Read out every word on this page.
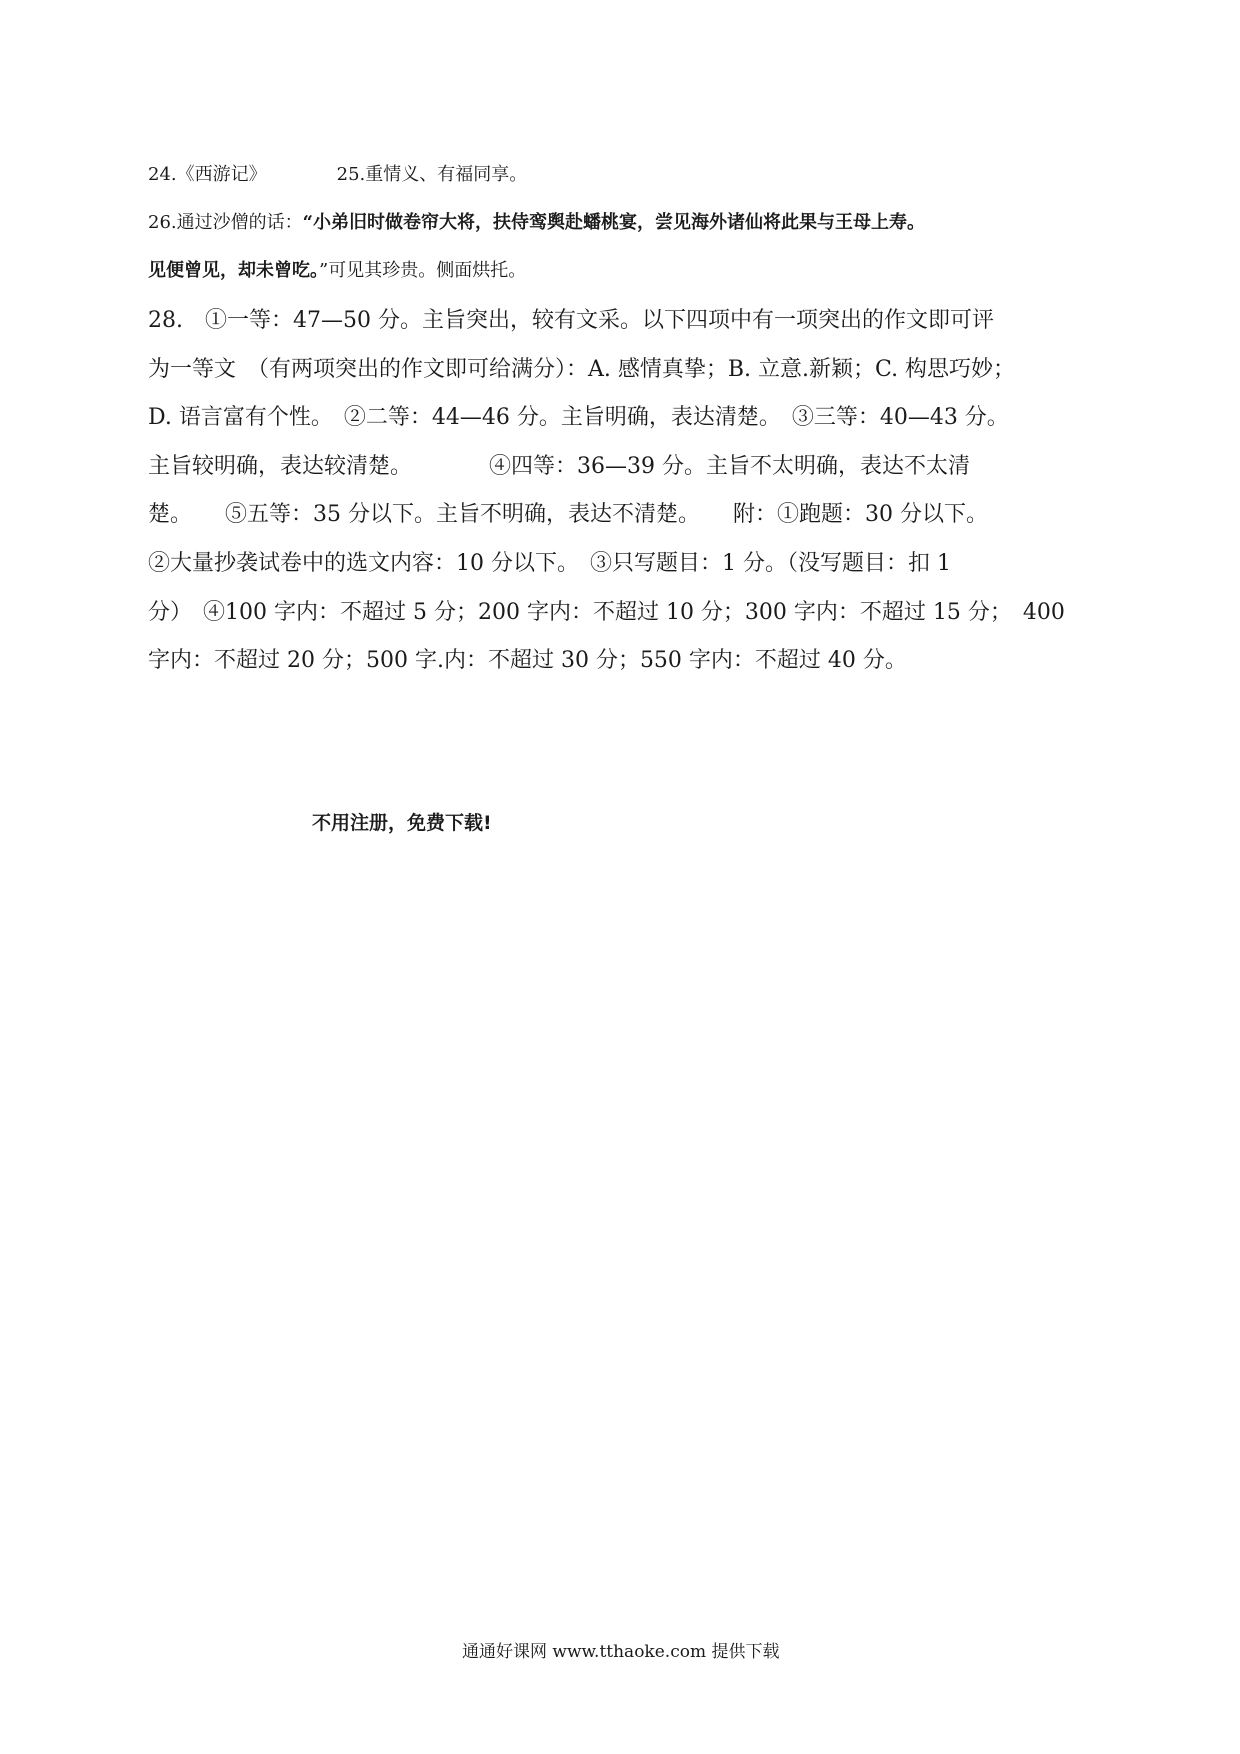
24.《西游记》	25.重情义、有福同享。
26.通过沙僧的话：“小弟旧时做卷帘大将，扶侍鸾舆赴蟠桃宴，尝见海外诸仙将此果与王母上寿。
见便曾见，却未曾吃。”可见其珍贵。侧面烘托。
28.　①一等：47—50 分。主旨突出，较有文采。以下四项中有一项突出的作文即可评
为一等文　（有两项突出的作文即可给满分）：A. 感情真挚；B. 立意.新颖；C. 构思巧妙；
D. 语言富有个性。　②二等：44—46 分。主旨明确，表达清楚。　③三等：40—43 分。
主旨较明确，表达较清楚。　　　　④四等：36—39 分。主旨不太明确，表达不太清
楚。　　⑤五等：35 分以下。主旨不明确，表达不清楚。　　附：①跑题：30 分以下。
②大量抄袭试卷中的选文内容：10 分以下。　③只写题目：1 分。（没写题目：扣 1
分）　④100 字内：不超过 5 分；200 字内：不超过 10 分；300 字内：不超过 15 分；　400
字内：不超过 20 分；500 字.内：不超过 30 分；550 字内：不超过 40 分。
不用注册，免费下载!
通通好课网 www.tthaoke.com 提供下载
